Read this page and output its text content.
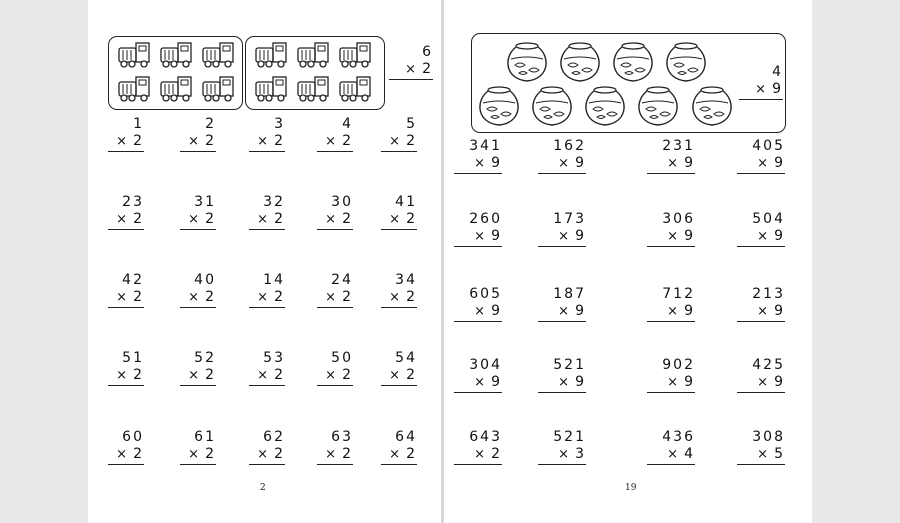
6
× 2
1
× 2
2
× 2
3
× 2
4
× 2
5
× 2
23
× 2
31
× 2
32
× 2
30
× 2
41
× 2
42
× 2
40
× 2
14
× 2
24
× 2
34
× 2
51
× 2
52
× 2
53
× 2
50
× 2
54
× 2
60
× 2
61
× 2
62
× 2
63
× 2
64
× 2
2
4
× 9
341
× 9
162
× 9
231
× 9
405
× 9
260
× 9
173
× 9
306
× 9
504
× 9
605
× 9
187
× 9
712
× 9
213
× 9
304
× 9
521
× 9
902
× 9
425
× 9
643
× 2
521
× 3
436
× 4
308
× 5
19
